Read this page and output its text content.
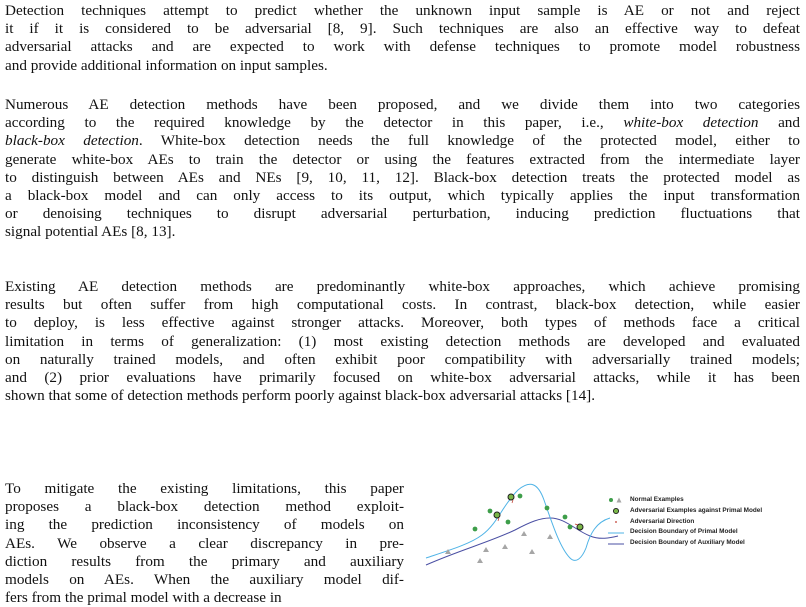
Detection techniques attempt to predict whether the unknown input sample is AE or not and reject
it if it is considered to be adversarial [8, 9]. Such techniques are also an effective way to defeat
adversarial attacks and are expected to work with defense techniques to promote model robustness
and provide additional information on input samples.
Numerous AE detection methods have been proposed, and we divide them into two categories
according to the required knowledge by the detector in this paper, i.e., white-box detection and
black-box detection. White-box detection needs the full knowledge of the protected model, either to
generate white-box AEs to train the detector or using the features extracted from the intermediate layer
to distinguish between AEs and NEs [9, 10, 11, 12]. Black-box detection treats the protected model as
a black-box model and can only access to its output, which typically applies the input transformation
or denoising techniques to disrupt adversarial perturbation, inducing prediction fluctuations that
signal potential AEs [8, 13].
Existing AE detection methods are predominantly white-box approaches, which achieve promising
results but often suffer from high computational costs. In contrast, black-box detection, while easier
to deploy, is less effective against stronger attacks. Moreover, both types of methods face a critical
limitation in terms of generalization: (1) most existing detection methods are developed and evaluated
on naturally trained models, and often exhibit poor compatibility with adversarially trained models;
and (2) prior evaluations have primarily focused on white-box adversarial attacks, while it has been
shown that some of detection methods perform poorly against black-box adversarial attacks [14].
To mitigate the existing limitations, this paper
proposes a black-box detection method exploit-
ing the prediction inconsistency of models on
AEs. We observe a clear discrepancy in pre-
diction results from the primary and auxiliary
models on AEs. When the auxiliary model dif-
fers from the primal model with a decrease in
Normal Examples
Adversarial Examples against Primal Model
Adversarial Direction
Decision Boundary of Primal Model
Decision Boundary of Auxiliary Model
